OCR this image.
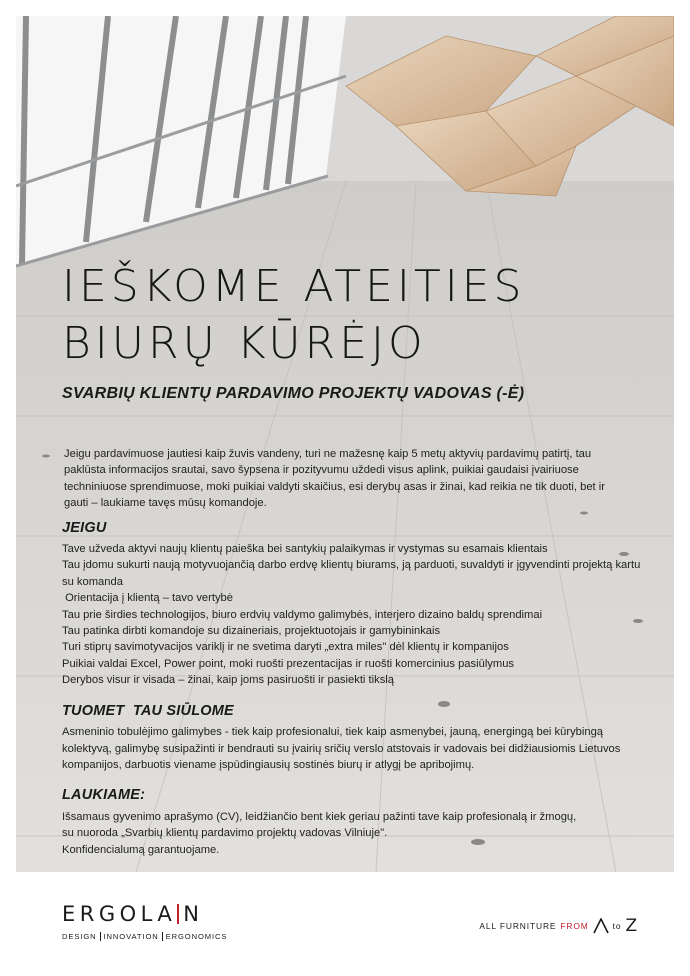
IEŠKOME ATEITIES
BIURŲ KŪRĖJO
SVARBIŲ KLIENTŲ PARDAVIMO PROJEKTŲ VADOVAS (-Ė)

Jeigu pardavimuose jautiesi kaip žuvis vandeny, turi ne mažesnę kaip 5 metų aktyvių pardavimų patirtį, tau paklūsta informacijos srautai, savo šypsena ir pozityvumu uždedi visus aplink, puikiai gaudaisi įvairiuose techniniuose sprendimuose, moki puikiai valdyti skaičius, esi derybų asas ir žinai, kad reikia ne tik duoti, bet ir gauti – laukiame tavęs mūsų komandoje.

JEIGU
Tave užveda aktyvi naujų klientų paieška bei santykių palaikymas ir vystymas su esamais klientais
Tau įdomu sukurti naują motyvuojančią darbo erdvę klientų biurams, ją parduoti, suvaldyti ir įgyvendinti projektą kartu su komanda
Orientacija į klientą – tavo vertybė
Tau prie širdies technologijos, biuro erdvių valdymo galimybės, interjero dizaino baldų sprendimai
Tau patinka dirbti komandoje su dizaineriais, projektuotojais ir gamybininkais
Turi stiprų savimotyvacijos variklį ir ne svetima daryti „extra miles" dėl klientų ir kompanijos
Puikiai valdai Excel, Power point, moki ruošti prezentacijas ir ruošti komercinius pasiūlymus
Derybos visur ir visada – žinai, kaip joms pasiruošti ir pasiekti tikslą
TUOMET  TAU SIŪLOME

Asmeninio tobulėjimo galimybes - tiek kaip profesionalui, tiek kaip asmenybei, jauną, energingą bei kūrybingą kolektyvą, galimybę susipažinti ir bendrauti su įvairių sričių verslo atstovais ir vadovais bei didžiausiomis Lietuvos kompanijos, darbuotis viename įspūdingiausių sostinės biurų ir atlygį be apribojimų.

LAUKIAME:

Išsamaus gyvenimo aprašymo (CV), leidžiančio bent kiek geriau pažinti tave kaip profesionalą ir žmogų,

su nuoroda „Svarbių klientų pardavimo projektų vadovas Vilniuje".

Konfidencialumą garantuojame.

ERGOLA N
DESIGN INNOVATION ERGONOMICS
ALL FURNITURE FROM	to Z
